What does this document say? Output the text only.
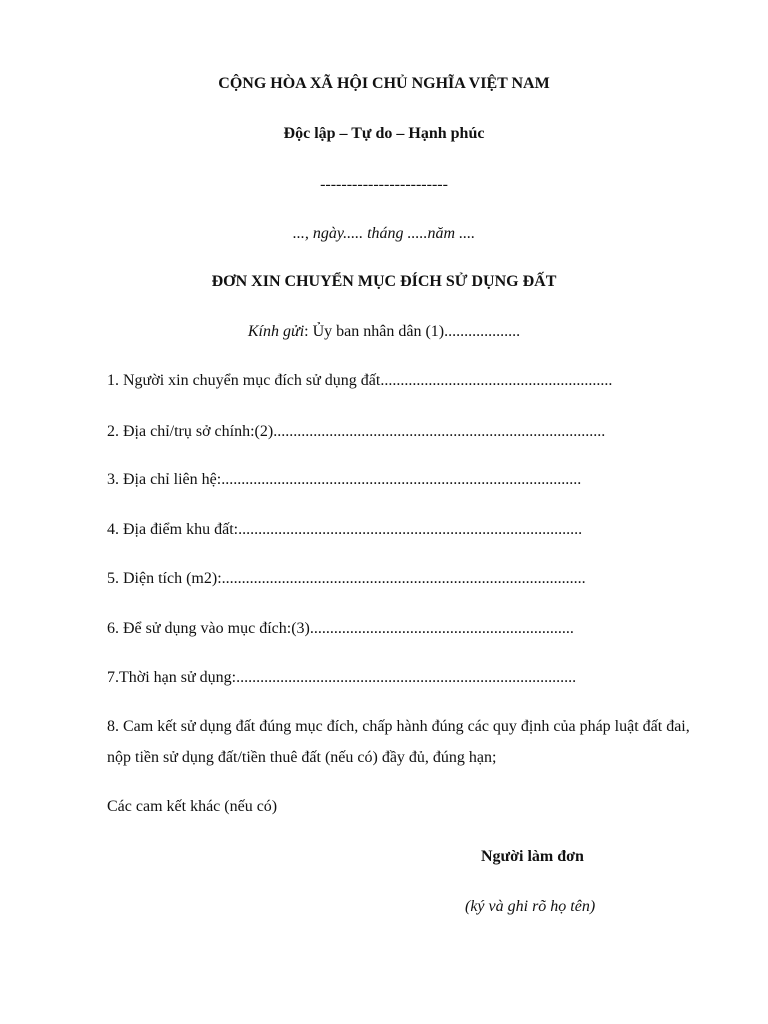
CỘNG HÒA XÃ HỘI CHỦ NGHĨA VIỆT NAM
Độc lập – Tự do – Hạnh phúc
------------------------
..., ngày..... tháng .....năm ....
ĐƠN XIN CHUYỂN MỤC ĐÍCH SỬ DỤNG ĐẤT
Kính gửi: Ủy ban nhân dân (1)...................
1. Người xin chuyển mục đích sử dụng đất..........................................................
2. Địa chỉ/trụ sở chính:(2)...................................................................................
3. Địa chỉ liên hệ:..........................................................................................
4. Địa điểm khu đất:......................................................................................
5. Diện tích (m2):...........................................................................................
6. Để sử dụng vào mục đích:(3)..................................................................
7.Thời hạn sử dụng:.....................................................................................
8. Cam kết sử dụng đất đúng mục đích, chấp hành đúng các quy định của pháp luật đất đai, nộp tiền sử dụng đất/tiền thuê đất (nếu có) đầy đủ, đúng hạn;
Các cam kết khác (nếu có)
Người làm đơn
(ký và ghi rõ họ tên)
